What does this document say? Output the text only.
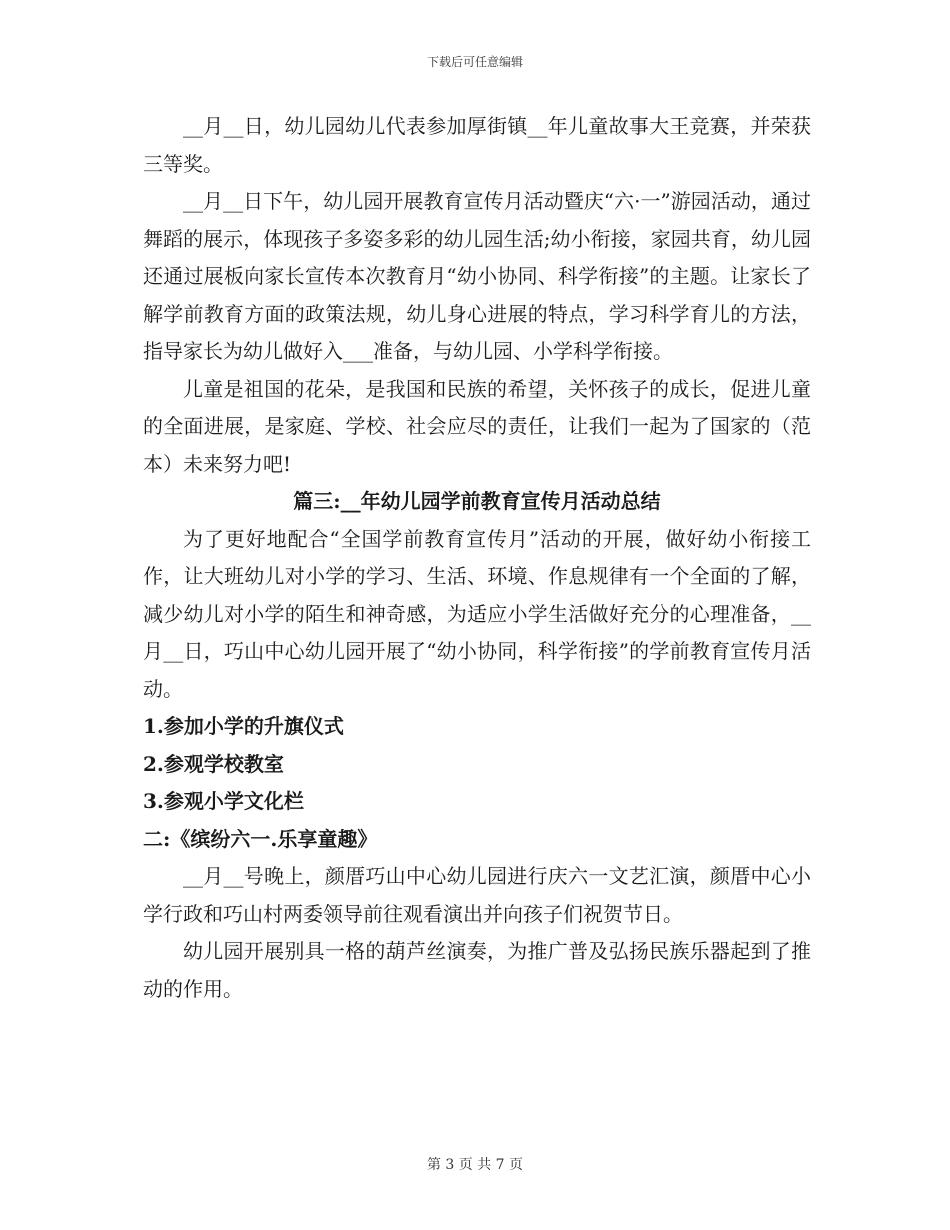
下载后可任意编辑

__月__日，幼儿园幼儿代表参加厚街镇__年儿童故事大王竞赛，并荣获三等奖。

__月__日下午，幼儿园开展教育宣传月活动暨庆“六·一”游园活动，通过舞蹈的展示，体现孩子多姿多彩的幼儿园生活;幼小衔接，家园共育，幼儿园还通过展板向家长宣传本次教育月“幼小协同、科学衔接”的主题。让家长了解学前教育方面的政策法规，幼儿身心进展的特点，学习科学育儿的方法，指导家长为幼儿做好入___准备，与幼儿园、小学科学衔接。

儿童是祖国的花朵，是我国和民族的希望，关怀孩子的成长，促进儿童的全面进展，是家庭、学校、社会应尽的责任，让我们一起为了国家的（范本）未来努力吧!

篇三:__年幼儿园学前教育宣传月活动总结

为了更好地配合“全国学前教育宣传月”活动的开展，做好幼小衔接工作，让大班幼儿对小学的学习、生活、环境、作息规律有一个全面的了解，减少幼儿对小学的陌生和神奇感，为适应小学生活做好充分的心理准备，__月__日，巧山中心幼儿园开展了“幼小协同，科学衔接”的学前教育宣传月活动。

1.参加小学的升旗仪式

2.参观学校教室

3.参观小学文化栏

二:《缤纷六一.乐享童趣》

__月__号晚上，颜厝巧山中心幼儿园进行庆六一文艺汇演，颜厝中心小学行政和巧山村两委领导前往观看演出并向孩子们祝贺节日。

幼儿园开展别具一格的葫芦丝演奏，为推广普及弘扬民族乐器起到了推动的作用。

第 3 页 共 7 页
